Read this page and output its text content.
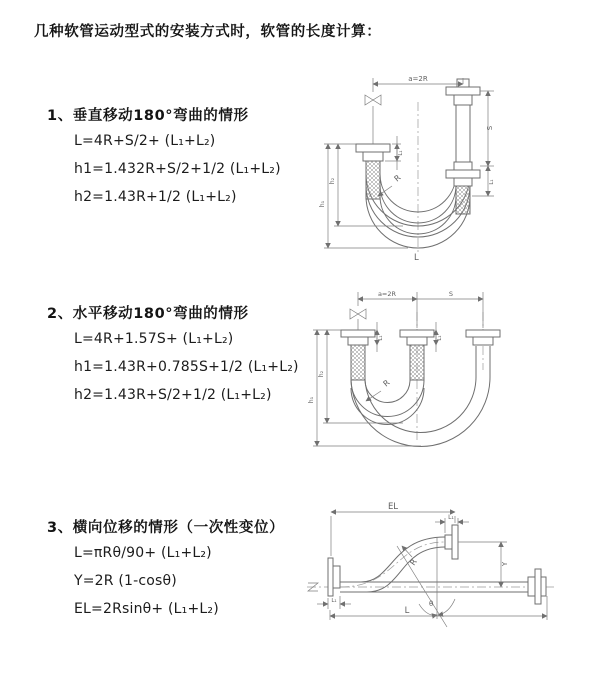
几种软管运动型式的安装方式时，软管的长度计算：
1、垂直移动180°弯曲的情形
L=4R+S/2+ (L₁+L₂)
h1=1.432R+S/2+1/2 (L₁+L₂)
h2=1.43R+1/2 (L₁+L₂)
2、水平移动180°弯曲的情形
L=4R+1.57S+ (L₁+L₂)
h1=1.43R+0.785S+1/2 (L₁+L₂)
h2=1.43R+S/2+1/2 (L₁+L₂)
3、横向位移的情形（一次性变位）
L=πRθ/90+ (L₁+L₂)
Y=2R (1-cosθ)
EL=2Rsinθ+ (L₁+L₂)
a=2R
S
L₁
L₁
h₁
h₂	R
L
a=2R	S
L₁	L₁
h₁
h₂
R
EL
L₁
Y
θ
R
L₁
L
